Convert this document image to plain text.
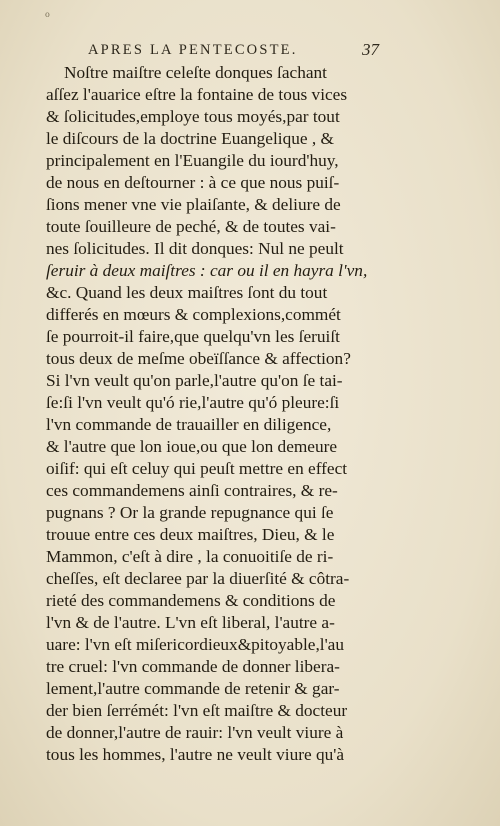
o
APRES LA PENTECOSTE.	37
Noſtre maiſtre celeſte donques ſachant
aſſez l'auarice eſtre la fontaine de tous vices
& ſolicitudes,employe tous moyés,par tout
le diſcours de la doctrine Euangelique , &
principalement en l'Euangile du iourd'huy,
de nous en deſtourner : à ce que nous puiſ-
ſions mener vne vie plaiſante, & deliure de
toute ſouilleure de peché, & de toutes vai-
nes ſolicitudes. Il dit donques: Nul ne peult
ſeruir à deux maiſtres : car ou il en hayra l'vn,
&c. Quand les deux maiſtres ſont du tout
differés en mœurs & complexions,commét
ſe pourroit-il faire,que quelqu'vn les ſeruiſt
tous deux de meſme obeïſſance & affection?
Si l'vn veult qu'on parle,l'autre qu'on ſe tai-
ſe:ſi l'vn veult qu'ó rie,l'autre qu'ó pleure:ſi
l'vn commande de trauailler en diligence,
& l'autre que lon ioue,ou que lon demeure
oiſif: qui eſt celuy qui peuſt mettre en effect
ces commandemens ainſi contraires, & re-
pugnans ? Or la grande repugnance qui ſe
trouue entre ces deux maiſtres, Dieu, & le
Mammon, c'eſt à dire , la conuoitiſe de ri-
cheſſes, eſt declaree par la diuerſité & côtra-
rieté des commandemens & conditions de
l'vn & de l'autre. L'vn eſt liberal, l'autre a-
uare: l'vn eſt miſericordieux&pitoyable,l'au
tre cruel: l'vn commande de donner libera-
lement,l'autre commande de retenir & gar-
der bien ſerrémét: l'vn eſt maiſtre & docteur
de donner,l'autre de rauir: l'vn veult viure à
tous les hommes, l'autre ne veult viure qu'à
